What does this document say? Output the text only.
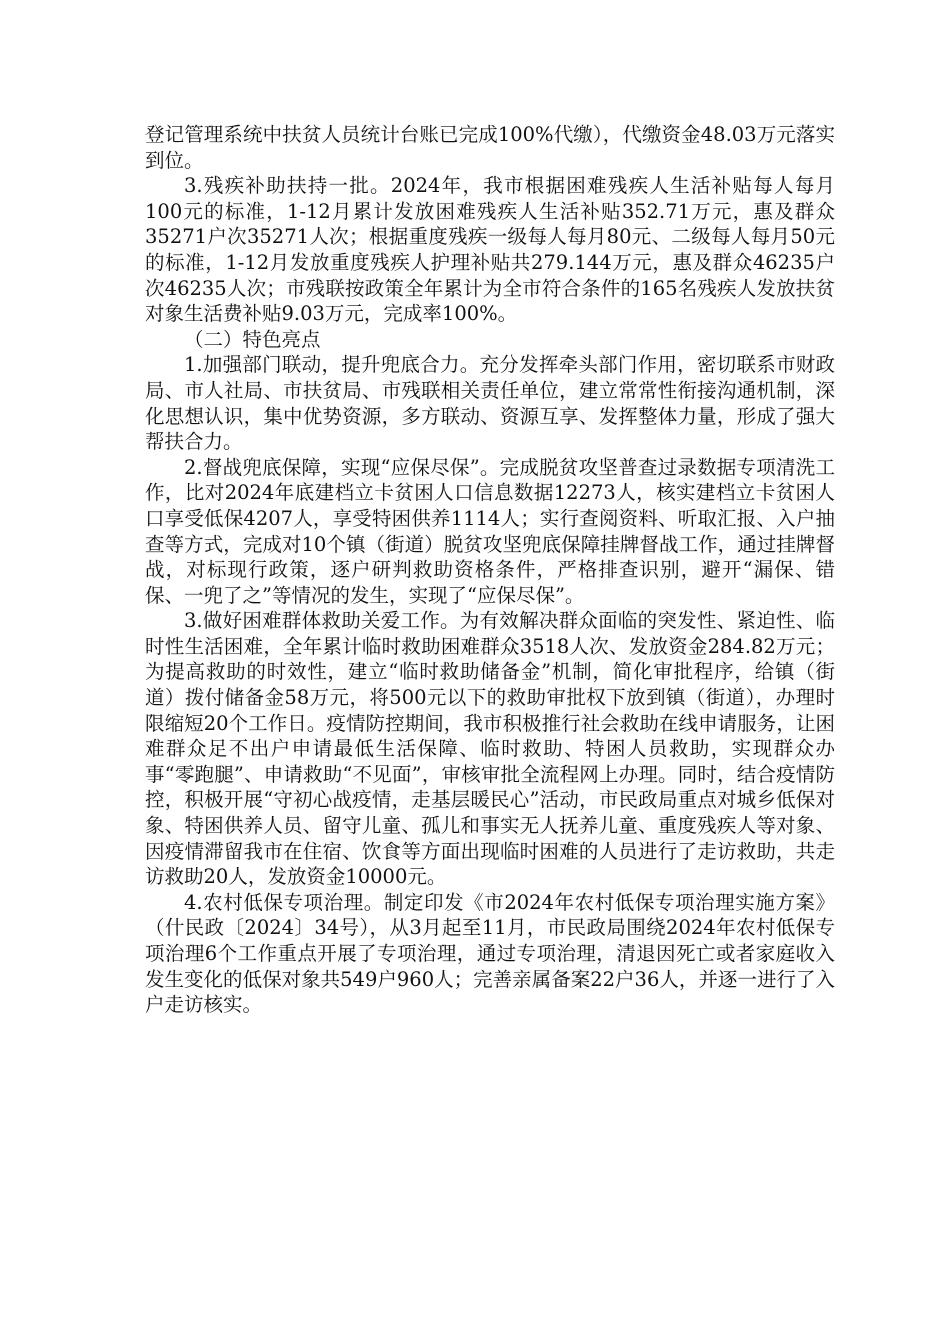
登记管理系统中扶贫人员统计台账已完成100%代缴），代缴资金48.03万元落实到位。

3.残疾补助扶持一批。2024年，我市根据困难残疾人生活补贴每人每月100元的标准，1-12月累计发放困难残疾人生活补贴352.71万元，惠及群众35271户次35271人次；根据重度残疾一级每人每月80元、二级每人每月50元的标准，1-12月发放重度残疾人护理补贴共279.144万元，惠及群众46235户次46235人次；市残联按政策全年累计为全市符合条件的165名残疾人发放扶贫对象生活费补贴9.03万元，完成率100%。

（二）特色亮点

1.加强部门联动，提升兜底合力。充分发挥牵头部门作用，密切联系市财政局、市人社局、市扶贫局、市残联相关责任单位，建立常常性衔接沟通机制，深化思想认识，集中优势资源，多方联动、资源互享、发挥整体力量，形成了强大帮扶合力。

2.督战兜底保障，实现“应保尽保”。完成脱贫攻坚普查过录数据专项清洗工作，比对2024年底建档立卡贫困人口信息数据12273人，核实建档立卡贫困人口享受低保4207人，享受特困供养1114人；实行查阅资料、听取汇报、入户抽查等方式，完成对10个镇（街道）脱贫攻坚兜底保障挂牌督战工作，通过挂牌督战，对标现行政策，逐户研判救助资格条件，严格排查识别，避开“漏保、错保、一兜了之”等情况的发生，实现了“应保尽保”。

3.做好困难群体救助关爱工作。为有效解决群众面临的突发性、紧迫性、临时性生活困难，全年累计临时救助困难群众3518人次、发放资金284.82万元；为提高救助的时效性，建立“临时救助储备金”机制，简化审批程序，给镇（街道）拨付储备金58万元，将500元以下的救助审批权下放到镇（街道），办理时限缩短20个工作日。疫情防控期间，我市积极推行社会救助在线申请服务，让困难群众足不出户申请最低生活保障、临时救助、特困人员救助，实现群众办事“零跑腿”、申请救助“不见面”，审核审批全流程网上办理。同时，结合疫情防控，积极开展“守初心战疫情，走基层暖民心”活动，市民政局重点对城乡低保对象、特困供养人员、留守儿童、孤儿和事实无人抚养儿童、重度残疾人等对象、因疫情滞留我市在住宿、饮食等方面出现临时困难的人员进行了走访救助，共走访救助20人，发放资金10000元。

4.农村低保专项治理。制定印发《市2024年农村低保专项治理实施方案》（什民政〔2024〕34号），从3月起至11月，市民政局围绕2024年农村低保专项治理6个工作重点开展了专项治理，通过专项治理，清退因死亡或者家庭收入发生变化的低保对象共549户960人；完善亲属备案22户36人，并逐一进行了入户走访核实。
